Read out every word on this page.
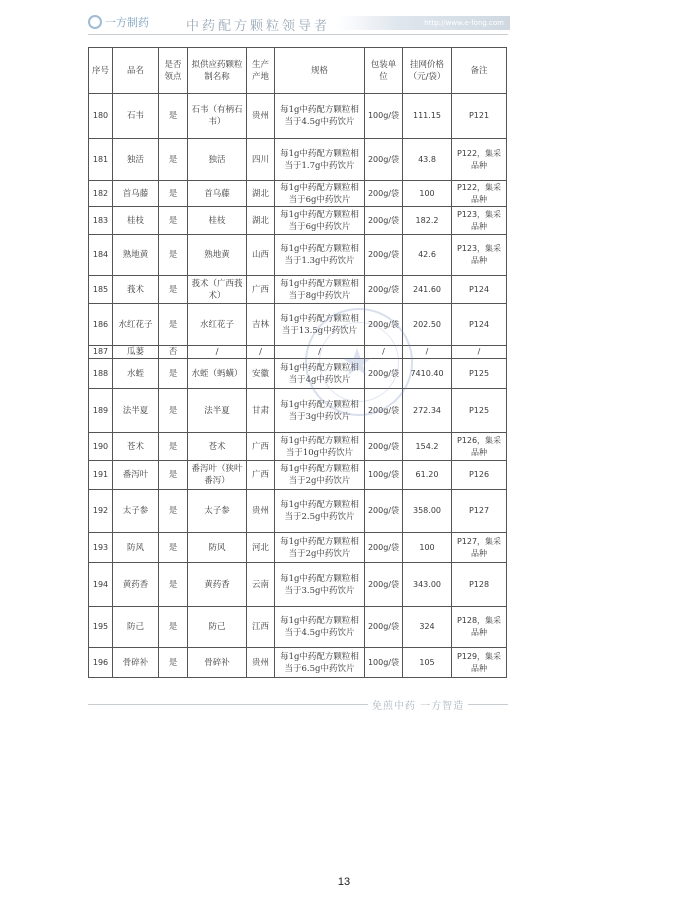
一方制药	中药配方颗粒领导者	http://www.e-fong.com
序号	品名	是否领点	拟供应药颗粒制名称	生产产地	规格	包装单位	挂网价格（元/袋）	备注
180	石韦	是	石韦（有柄石韦）	贵州	每1g中药配方颗粒相当于4.5g中药饮片	100g/袋	111.15	P121
181	独活	是	独活	四川	每1g中药配方颗粒相当于1.7g中药饮片	200g/袋	43.8	P122，集采品种
182	首乌藤	是	首乌藤	湖北	每1g中药配方颗粒相当于6g中药饮片	200g/袋	100	P122，集采品种
183	桂枝	是	桂枝	湖北	每1g中药配方颗粒相当于6g中药饮片	200g/袋	182.2	P123，集采品种
184	熟地黄	是	熟地黄	山西	每1g中药配方颗粒相当于1.3g中药饮片	200g/袋	42.6	P123，集采品种
185	莪术	是	莪术（广西莪术）	广西	每1g中药配方颗粒相当于8g中药饮片	200g/袋	241.60	P124
186	水红花子	是	水红花子	吉林	每1g中药配方颗粒相当于13.5g中药饮片	200g/袋	202.50	P124
187	瓜蒌	否	/	/	/	/	/	/
188	水蛭	是	水蛭（蚂蟥）	安徽	每1g中药配方颗粒相当于4g中药饮片	200g/袋	7410.40	P125
189	法半夏	是	法半夏	甘肃	每1g中药配方颗粒相当于3g中药饮片	200g/袋	272.34	P125
190	苍术	是	苍术	广西	每1g中药配方颗粒相当于10g中药饮片	200g/袋	154.2	P126，集采品种
191	番泻叶	是	番泻叶（狭叶番泻）	广西	每1g中药配方颗粒相当于2g中药饮片	100g/袋	61.20	P126
192	太子参	是	太子参	贵州	每1g中药配方颗粒相当于2.5g中药饮片	200g/袋	358.00	P127
193	防风	是	防风	河北	每1g中药配方颗粒相当于2g中药饮片	200g/袋	100	P127，集采品种
194	黄药香	是	黄药香	云南	每1g中药配方颗粒相当于3.5g中药饮片	200g/袋	343.00	P128
195	防己	是	防己	江西	每1g中药配方颗粒相当于4.5g中药饮片	200g/袋	324	P128，集采品种
196	骨碎补	是	骨碎补	贵州	每1g中药配方颗粒相当于6.5g中药饮片	100g/袋	105	P129，集采品种
★
免煎中药 一方智造
13
